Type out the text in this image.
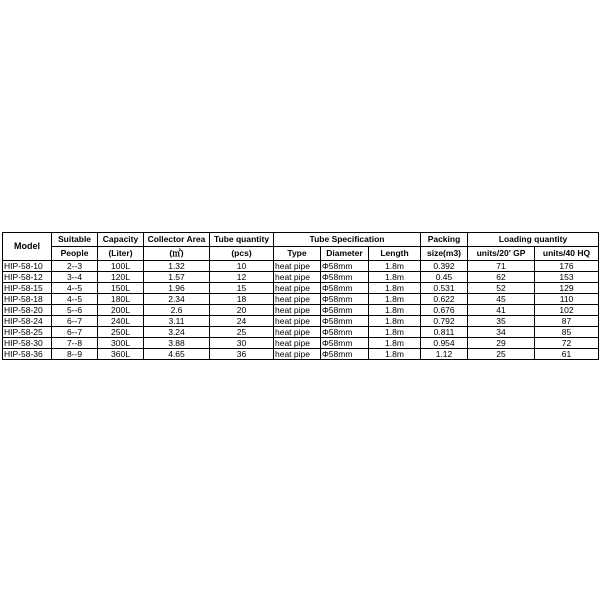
Model	Suitable	Capacity	Collector Area	Tube quantity	Tube Specification			Packing	Loading quantity	
	People	(Liter)	(㎡)	(pcs)	Type	Diameter	Length	size(m3)	units/20' GP	units/40 HQ
HIP-58-10	2--3	100L	1.32	10	heat pipe	Φ58mm	1.8m	0.392	71	176
HIP-58-12	3--4	120L	1.57	12	heat pipe	Φ58mm	1.8m	0.45	62	153
HIP-58-15	4--5	150L	1.96	15	heat pipe	Φ58mm	1.8m	0.531	52	129
HIP-58-18	4--5	180L	2.34	18	heat pipe	Φ58mm	1.8m	0.622	45	110
HIP-58-20	5--6	200L	2.6	20	heat pipe	Φ58mm	1.8m	0.676	41	102
HIP-58-24	6--7	240L	3.11	24	heat pipe	Φ58mm	1.8m	0.792	35	87
HIP-58-25	6--7	250L	3.24	25	heat pipe	Φ58mm	1.8m	0.811	34	85
HIP-58-30	7--8	300L	3.88	30	heat pipe	Φ58mm	1.8m	0.954	29	72
HIP-58-36	8--9	360L	4.65	36	heat pipe	Φ58mm	1.8m	1.12	25	61
